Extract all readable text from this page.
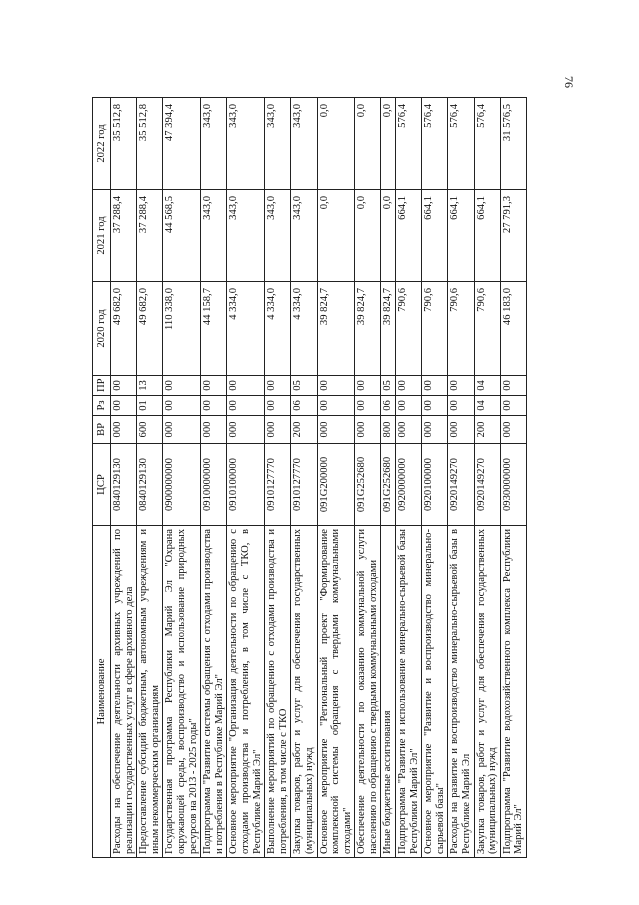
76
Наименование	ЦСР	ВР	Рз	ПР	2020 год	2021 год	2022 год
Расходы на обеспечение деятельности архивных учреждений по реализации государственных услуг в сфере архивного дела	0840129130	000	00	00	49 682,0	37 288,4	35 512,8
Предоставление субсидий бюджетным, автономным учреждениям и иным некоммерческим организациям	0840129130	600	01	13	49 682,0	37 288,4	35 512,8
Государственная программа Республики Марий Эл "Охрана окружающей среды, воспроизводство и использование природных ресурсов на 2013 - 2025 годы"	0900000000	000	00	00	110 338,0	44 568,5	47 394,4
Подпрограмма "Развитие системы обращения с отходами производства и потребления в Республике Марий Эл"	0910000000	000	00	00	44 158,7	343,0	343,0
Основное мероприятие "Организация деятельности по обращению с отходами производства и потребления, в том числе с ТКО, в Республике Марий Эл"	0910100000	000	00	00	4 334,0	343,0	343,0
Выполнение мероприятий по обращению с отходами производства и потребления, в том числе с ТКО	0910127770	000	00	00	4 334,0	343,0	343,0
Закупка товаров, работ и услуг для обеспечения государственных (муниципальных) нужд	0910127770	200	06	05	4 334,0	343,0	343,0
Основное мероприятие "Региональный проект "Формирование комплексной системы обращения с твердыми коммунальными отходами"	091G200000	000	00	00	39 824,7	0,0	0,0
Обеспечение деятельности по оказанию коммунальной услуги населению по обращению с твердыми коммунальными отходами	091G252680	000	00	00	39 824,7	0,0	0,0
Иные бюджетные ассигнования	091G252680	800	06	05	39 824,7	0,0	0,0
Подпрограмма "Развитие и использование минерально-сырьевой базы Республики Марий Эл"	0920000000	000	00	00	790,6	664,1	576,4
Основное мероприятие "Развитие и воспроизводство минерально-сырьевой базы"	0920100000	000	00	00	790,6	664,1	576,4
Расходы на развитие и воспроизводство минерально-сырьевой базы в Республике Марий Эл	0920149270	000	00	00	790,6	664,1	576,4
Закупка товаров, работ и услуг для обеспечения государственных (муниципальных) нужд	0920149270	200	04	04	790,6	664,1	576,4
Подпрограмма "Развитие водохозяйственного комплекса Республики Марий Эл"	0930000000	000	00	00	46 183,0	27 791,3	31 576,5
